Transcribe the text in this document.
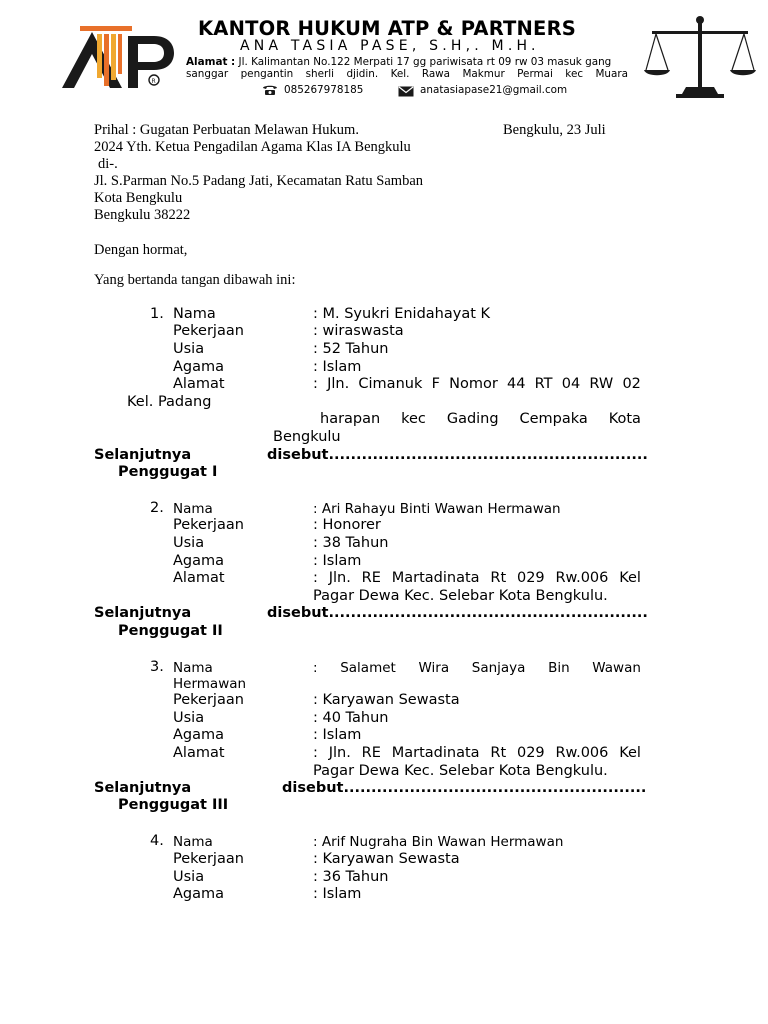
R
KANTOR HUKUM ATP & PARTNERS
ANA TASIA PASE, S.H,. M.H.
Alamat : Jl. Kalimantan No.122 Merpati 17 gg pariwisata rt 09 rw 03 masuk gang
sanggar pengantin sherli djidin. Kel. Rawa Makmur Permai kec Muara
085267978185	anatasiapase21@gmail.com
Prihal : Gugatan Perbuatan Melawan Hukum.	Bengkulu, 23 Juli
2024 Yth. Ketua Pengadilan Agama Klas IA Bengkulu
di-.
Jl. S.Parman No.5 Padang Jati, Kecamatan Ratu Samban
Kota Bengkulu
Bengkulu 38222
Dengan hormat,
Yang bertanda tangan dibawah ini:
1. Nama	: M. Syukri Enidahayat K
Pekerjaan	: wiraswasta
Usia	: 52 Tahun
Agama	: Islam
Alamat	: Jln. Cimanuk F Nomor 44 RT 04 RW 02
Kel. Padang
harapan kec Gading Cempaka Kota
Bengkulu
Selanjutnya	disebut..........................................................
Penggugat I
2. Nama	: Ari Rahayu Binti Wawan Hermawan
Pekerjaan	: Honorer
Usia	: 38 Tahun
Agama	: Islam
Alamat	: Jln. RE Martadinata Rt 029 Rw.006 Kel
Pagar Dewa Kec. Selebar Kota Bengkulu.
Selanjutnya	disebut..........................................................
Penggugat II
3. Nama	: Salamet Wira Sanjaya Bin Wawan
Hermawan
Pekerjaan	: Karyawan Sewasta
Usia	: 40 Tahun
Agama	: Islam
Alamat	: Jln. RE Martadinata Rt 029 Rw.006 Kel
Pagar Dewa Kec. Selebar Kota Bengkulu.
Selanjutnya	disebut.......................................................
Penggugat III
4. Nama	: Arif Nugraha Bin Wawan Hermawan
Pekerjaan	: Karyawan Sewasta
Usia	: 36 Tahun
Agama	: Islam
